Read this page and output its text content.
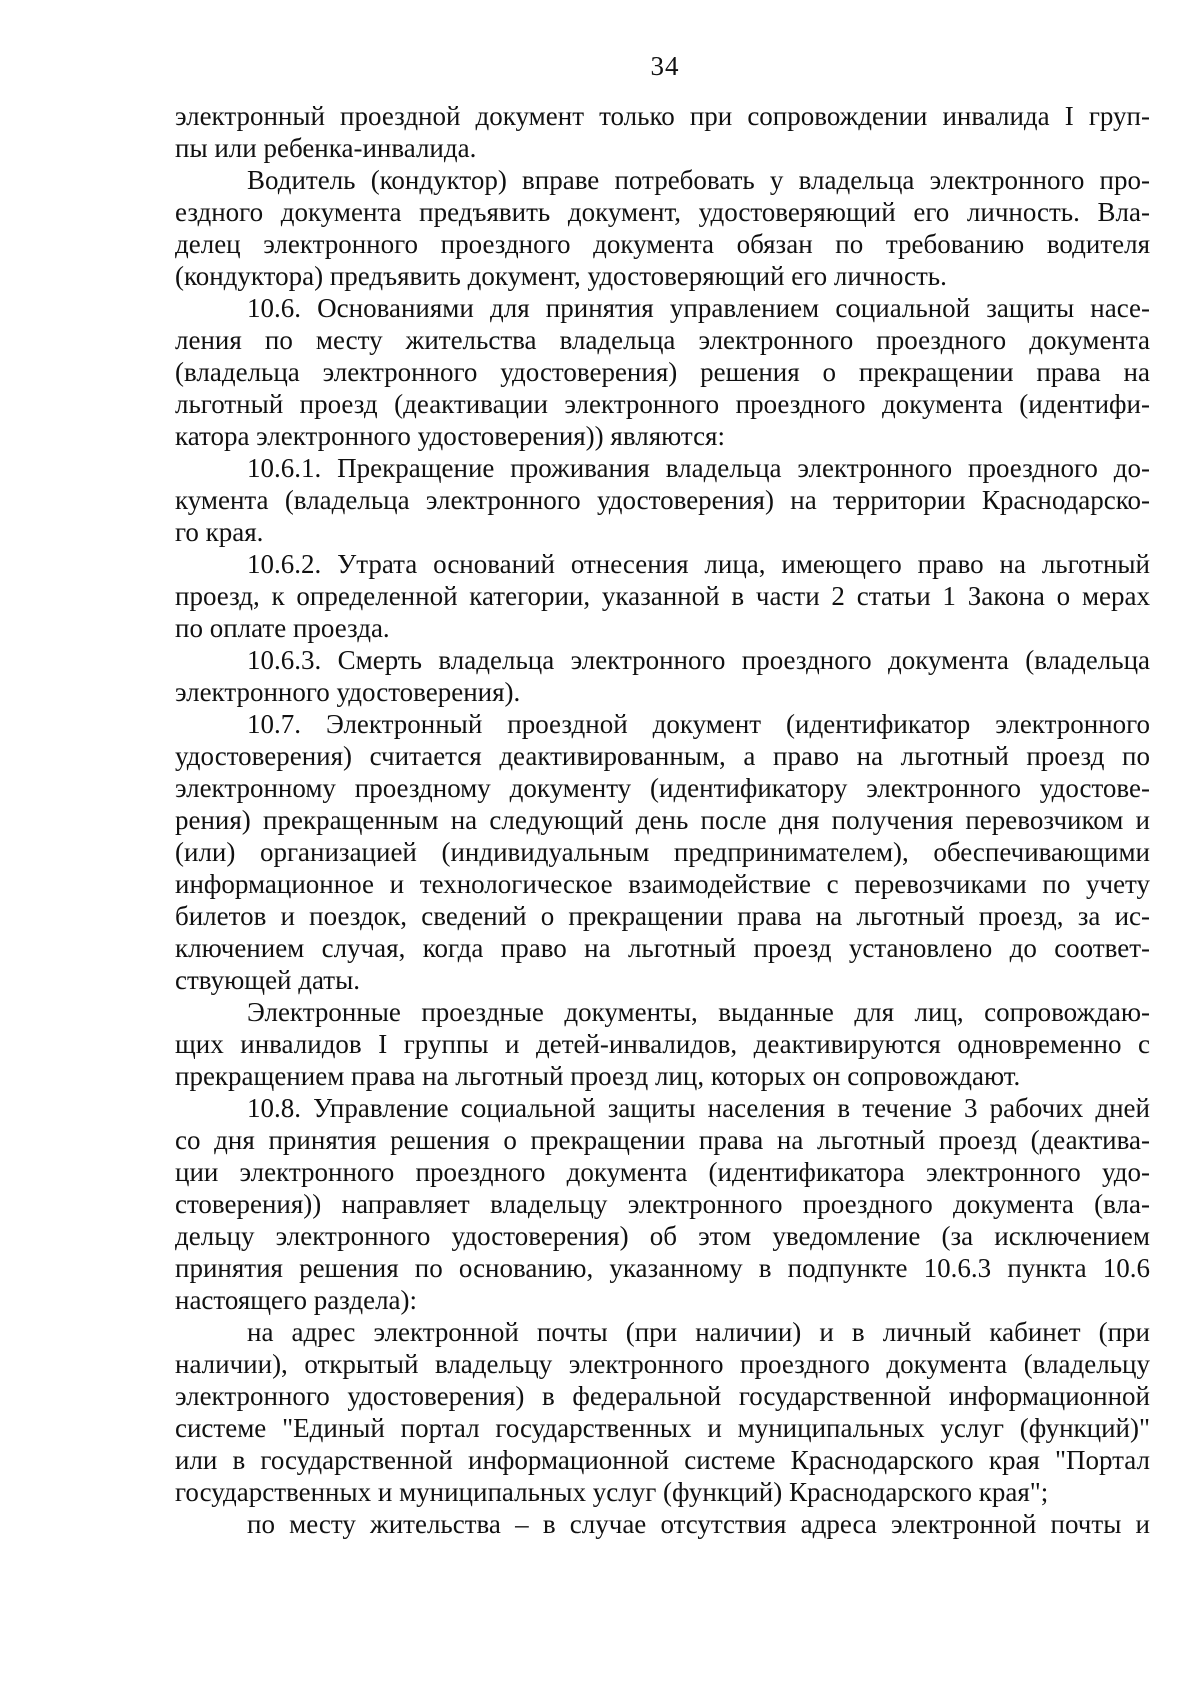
34
электронный проездной документ только при сопровождении инвалида I груп-
пы или ребенка-инвалида.
Водитель (кондуктор) вправе потребовать у владельца электронного про-
ездного документа предъявить документ, удостоверяющий его личность. Вла-
делец электронного проездного документа обязан по требованию водителя
(кондуктора) предъявить документ, удостоверяющий его личность.
10.6. Основаниями для принятия управлением социальной защиты насе-
ления по месту жительства владельца электронного проездного документа
(владельца электронного удостоверения) решения о прекращении права на
льготный проезд (деактивации электронного проездного документа (идентифи-
катора электронного удостоверения)) являются:
10.6.1. Прекращение проживания владельца электронного проездного до-
кумента (владельца электронного удостоверения) на территории Краснодарско-
го края.
10.6.2. Утрата оснований отнесения лица, имеющего право на льготный
проезд, к определенной категории, указанной в части 2 статьи 1 Закона о мерах
по оплате проезда.
10.6.3. Смерть владельца электронного проездного документа (владельца
электронного удостоверения).
10.7. Электронный проездной документ (идентификатор электронного
удостоверения) считается деактивированным, а право на льготный проезд по
электронному проездному документу (идентификатору электронного удостове-
рения) прекращенным на следующий день после дня получения перевозчиком и
(или) организацией (индивидуальным предпринимателем), обеспечивающими
информационное и технологическое взаимодействие с перевозчиками по учету
билетов и поездок, сведений о прекращении права на льготный проезд, за ис-
ключением случая, когда право на льготный проезд установлено до соответ-
ствующей даты.
Электронные проездные документы, выданные для лиц, сопровождаю-
щих инвалидов I группы и детей-инвалидов, деактивируются одновременно с
прекращением права на льготный проезд лиц, которых он сопровождают.
10.8. Управление социальной защиты населения в течение 3 рабочих дней
со дня принятия решения о прекращении права на льготный проезд (деактива-
ции электронного проездного документа (идентификатора электронного удо-
стоверения)) направляет владельцу электронного проездного документа (вла-
дельцу электронного удостоверения) об этом уведомление (за исключением
принятия решения по основанию, указанному в подпункте 10.6.3 пункта 10.6
настоящего раздела):
на адрес электронной почты (при наличии) и в личный кабинет (при
наличии), открытый владельцу электронного проездного документа (владельцу
электронного удостоверения) в федеральной государственной информационной
системе "Единый портал государственных и муниципальных услуг (функций)"
или в государственной информационной системе Краснодарского края "Портал
государственных и муниципальных услуг (функций) Краснодарского края";
по месту жительства – в случае отсутствия адреса электронной почты и
